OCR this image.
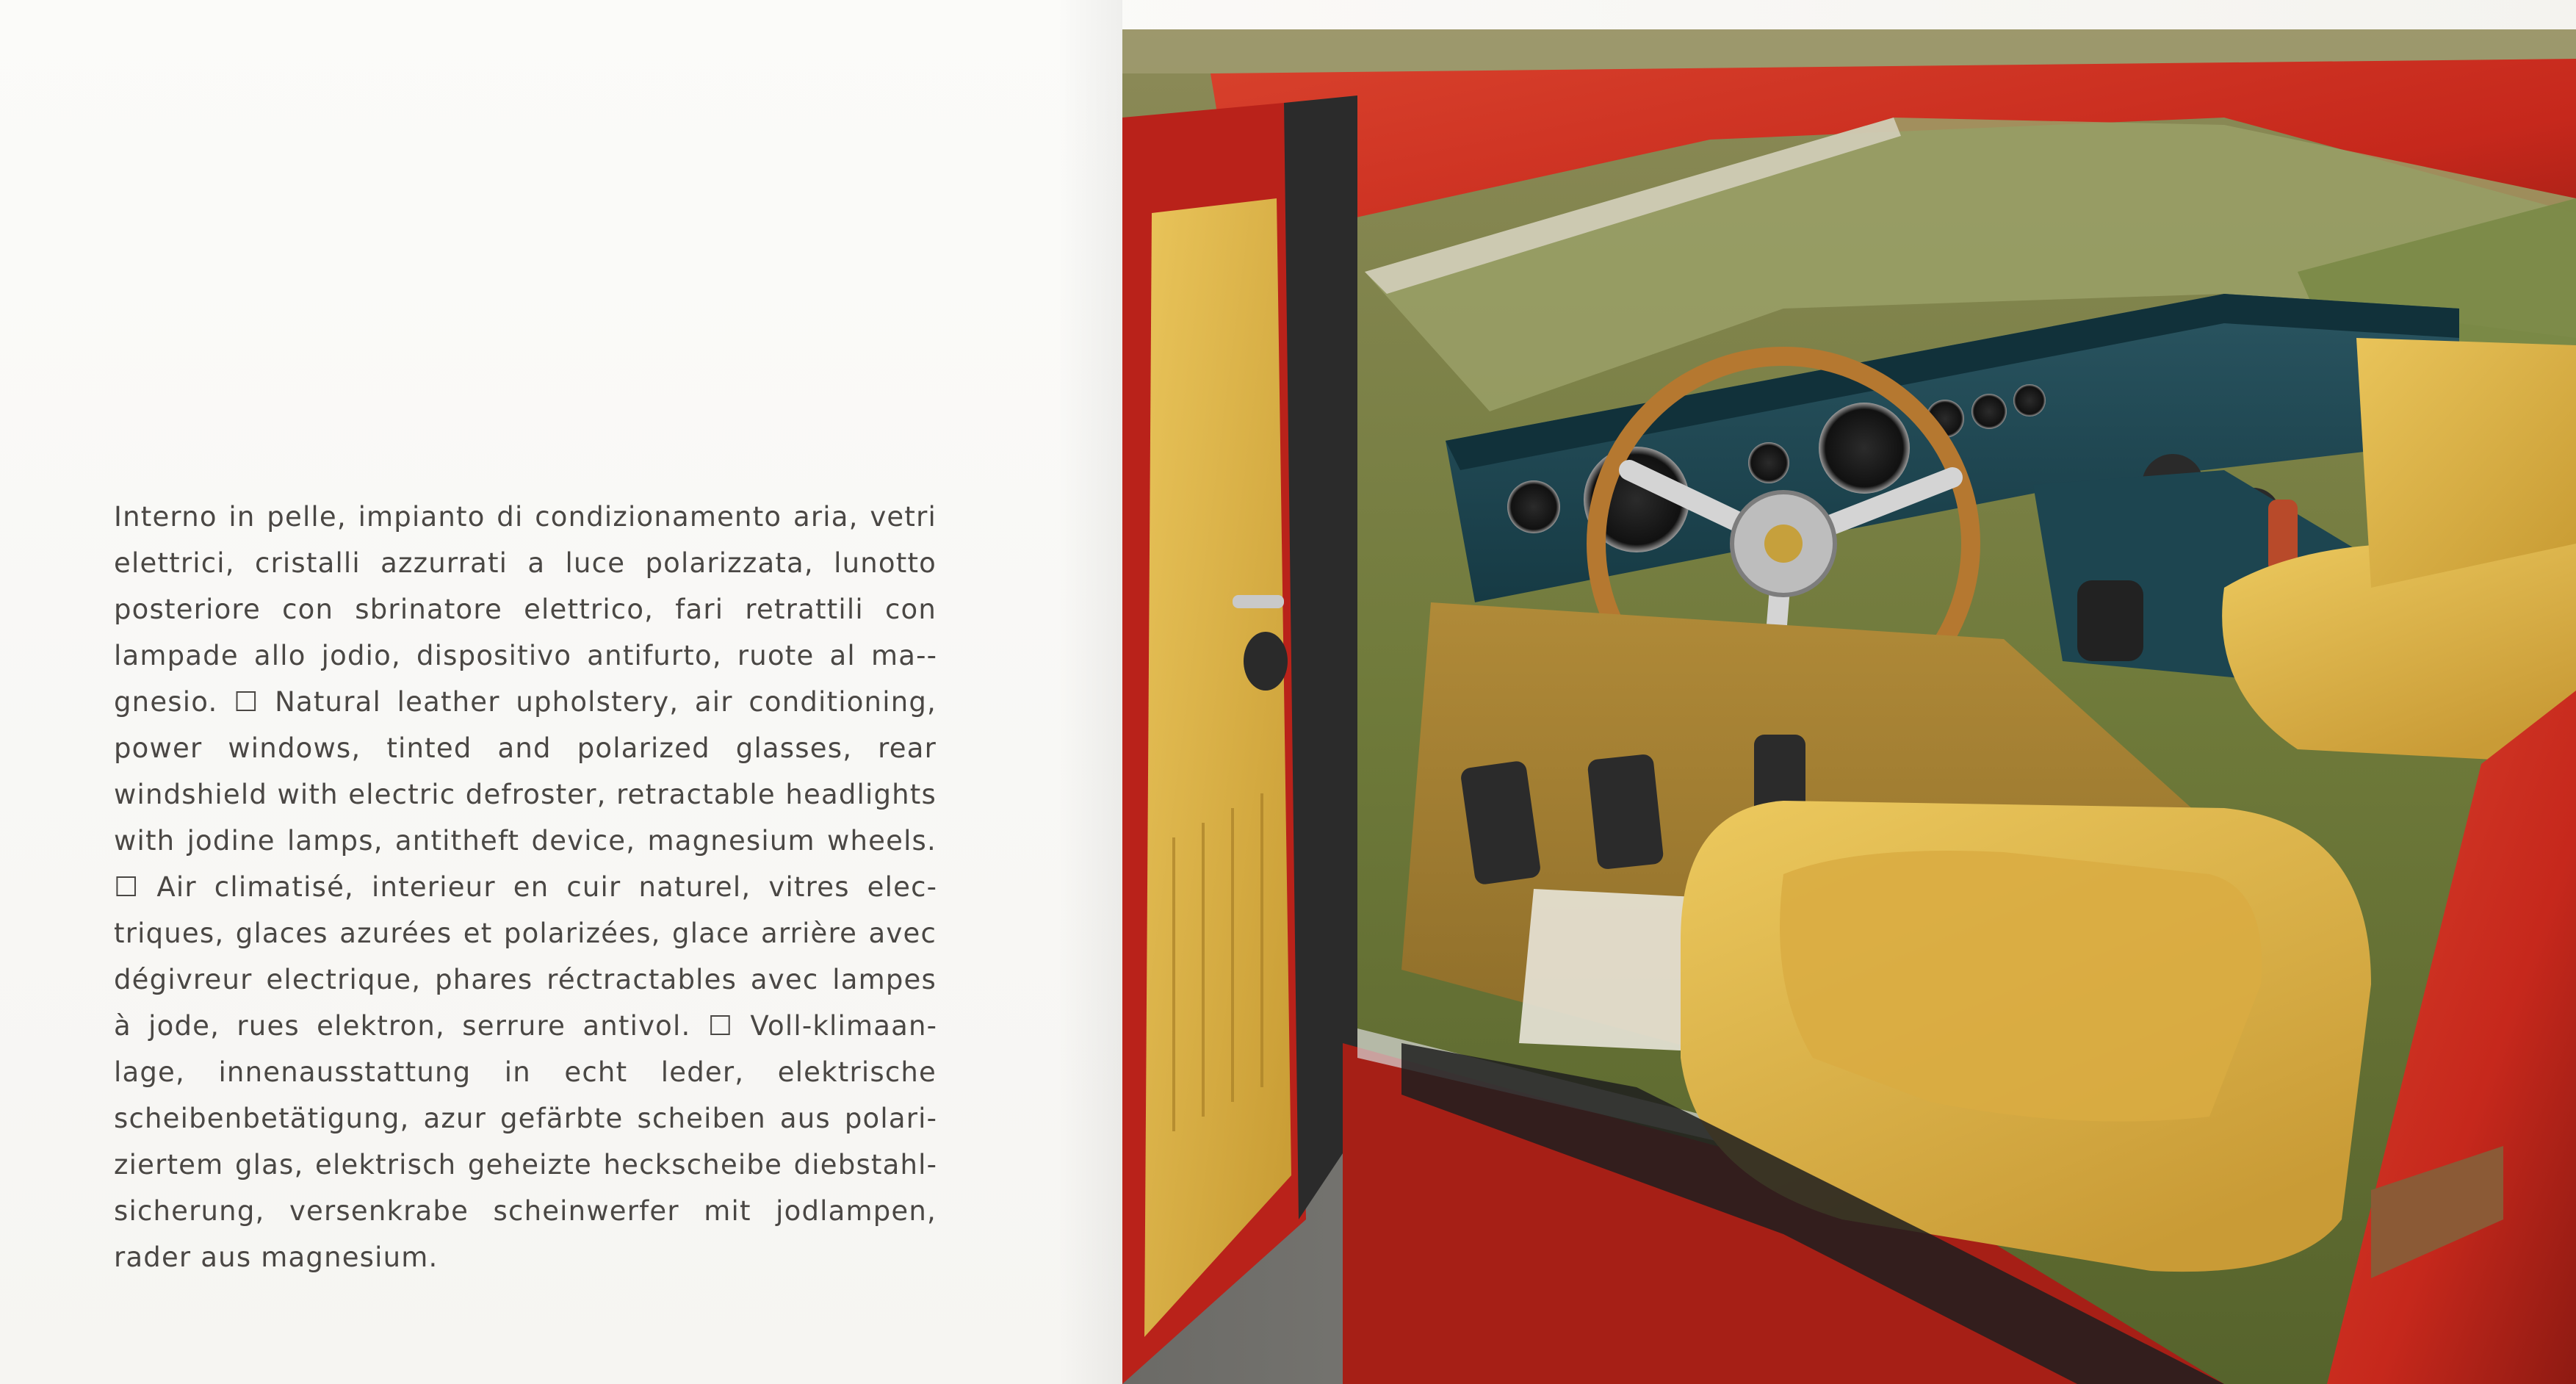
Interno in pelle, impianto di condizionamento aria, vetri elettrici, cristalli azzurrati a luce polarizzata, lunotto posteriore con sbrinatore elettrico, fari retrattili con lampade allo jodio, dispositivo antifurto, ruote al ma-gnesio. ☐ Natural leather upholstery, air conditioning, power windows, tinted and polarized glasses, rear windshield with electric defroster, retractable headlights with jodine lamps, antitheft device, magnesium wheels. ☐ Air climatisé, interieur en cuir naturel, vitres electriques, glaces azurées et polarizées, glace arrière avec dégivreur electrique, phares réctractables avec lampes à jode, rues elektron, serrure antivol. ☐ Voll-klimaanlage, innenausstattung in echt leder, elektrische scheibenbetätigung, azur gefärbte scheiben aus polariziertem glas, elektrisch geheizte heckscheibe diebstahlsicherung, versenkrabe scheinwerfer mit jodlampen, rader aus magnesium.
